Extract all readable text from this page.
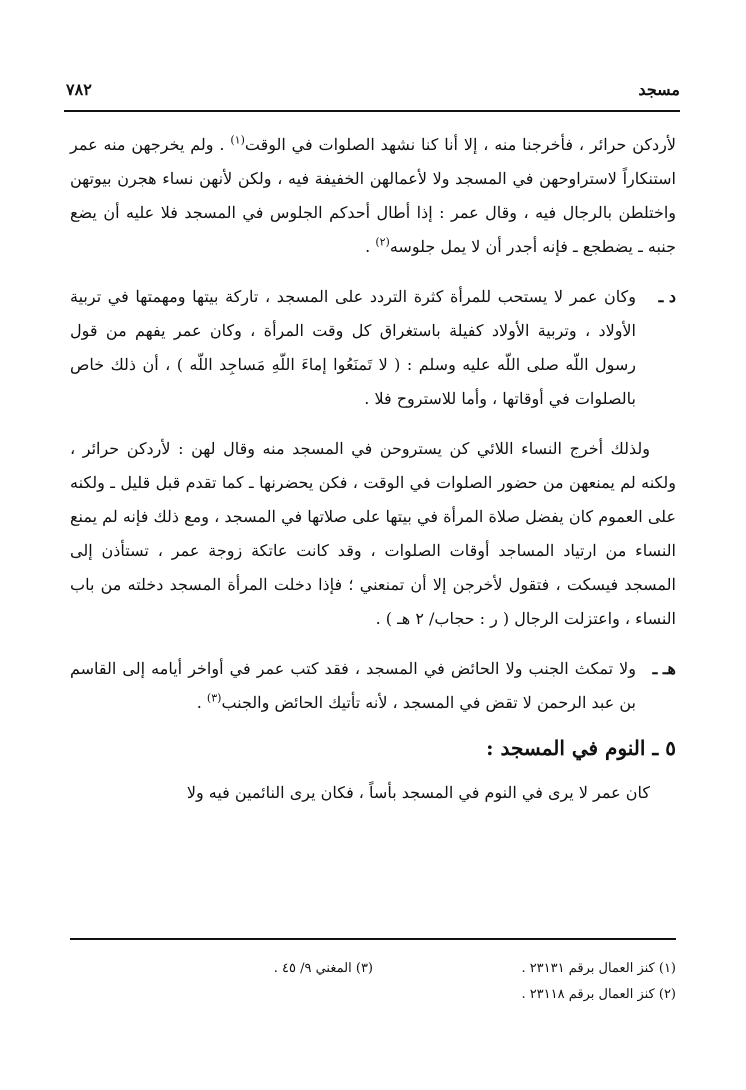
مسجد
٧٨٢

لأردكن حرائر ، فأخرجنا منه ، إلا أنا كنا نشهد الصلوات في الوقت$^{(١)}$ . ولم يخرجهن منه عمر استنكاراً لاستراوحهن في المسجد ولا لأعمالهن الخفيفة فيه ، ولكن لأنهن نساء هجرن بيوتهن واختلطن بالرجال فيه ، وقال عمر : إذا أطال أحدكم الجلوس في المسجد فلا عليه أن يضع جنبه ـ يضطجع ـ فإنه أجدر أن لا يمل جلوسه$^{(٢)}$ .

د ـ

وكان عمر لا يستحب للمرأة كثرة التردد على المسجد ، تاركة بيتها ومهمتها في تربية الأولاد ، وتربية الأولاد كفيلة باستغراق كل وقت المرأة ، وكان عمر يفهم من قول رسول اللّه صلى اللّه عليه وسلم : ( لا تَمنَعُوا إماءَ اللّهِ مَساجِد اللّه ) ، أن ذلك خاص بالصلوات في أوقاتها ، وأما للاستروح فلا .

ولذلك أخرج النساء اللائي كن يستروحن في المسجد منه وقال لهن : لأردكن حرائر ، ولكنه لم يمنعهن من حضور الصلوات في الوقت ، فكن يحضرنها ـ كما تقدم قبل قليل ـ ولكنه على العموم كان يفضل صلاة المرأة في بيتها على صلاتها في المسجد ، ومع ذلك فإنه لم يمنع النساء من ارتياد المساجد أوقات الصلوات ، وقد كانت عاتكة زوجة عمر ، تستأذن إلى المسجد فيسكت ، فتقول لأخرجن إلا أن تمنعني ؛ فإذا دخلت المرأة المسجد دخلته من باب النساء ، واعتزلت الرجال ( ر : حجاب/ ٢ هـ ) .

هـ ـ

ولا تمكث الجنب ولا الحائض في المسجد ، فقد كتب عمر في أواخر أيامه إلى القاسم بن عبد الرحمن لا تقض في المسجد ، لأنه تأتيك الحائض والجنب$^{(٣)}$ .

٥ ـ النوم في المسجد :

كان عمر لا يرى في النوم في المسجد بأساً ، فكان يرى النائمين فيه ولا

(١) كنز العمال برقم ٢٣١٣١ .
(٣) المغني ٩/ ٤٥ .
(٢) كنز العمال برقم ٢٣١١٨ .
